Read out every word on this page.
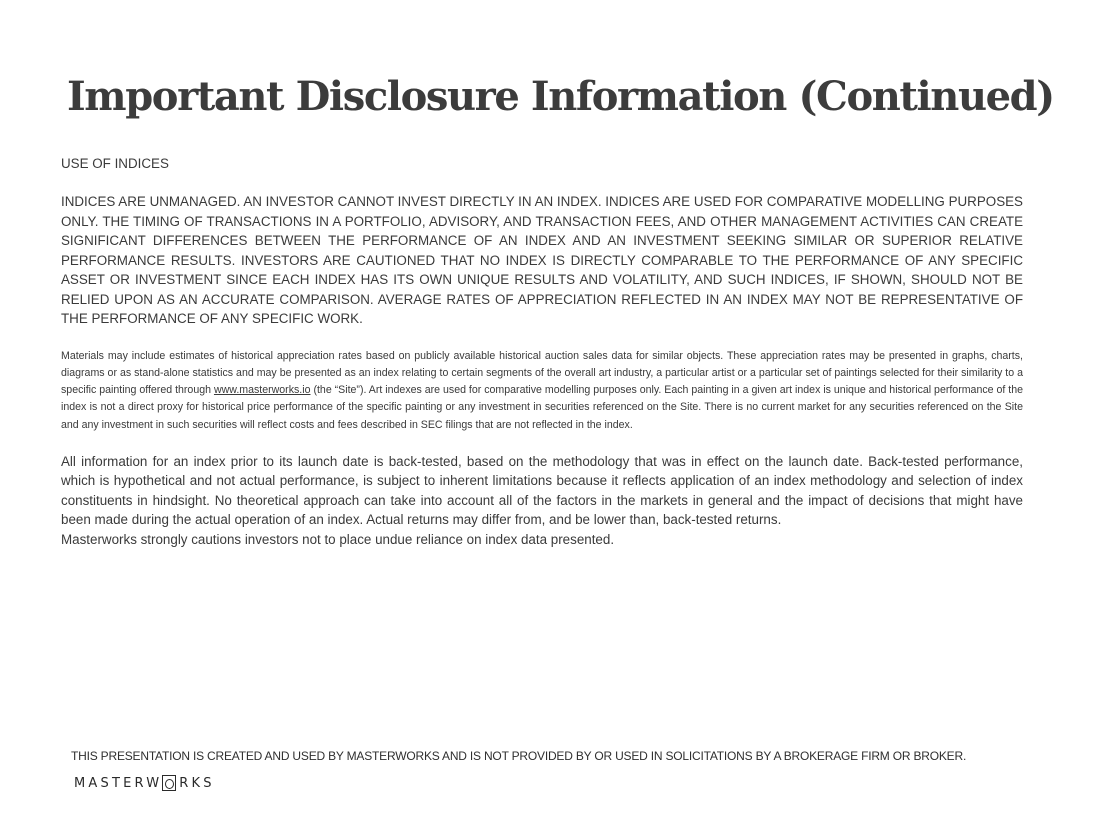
Important Disclosure Information (Continued)

USE OF INDICES

INDICES ARE UNMANAGED. AN INVESTOR CANNOT INVEST DIRECTLY IN AN INDEX. INDICES ARE USED FOR COMPARATIVE MODELLING PURPOSES ONLY. THE TIMING OF TRANSACTIONS IN A PORTFOLIO, ADVISORY, AND TRANSACTION FEES, AND OTHER MANAGEMENT ACTIVITIES CAN CREATE SIGNIFICANT DIFFERENCES BETWEEN THE PERFORMANCE OF AN INDEX AND AN INVESTMENT SEEKING SIMILAR OR SUPERIOR RELATIVE PERFORMANCE RESULTS. INVESTORS ARE CAUTIONED THAT NO INDEX IS DIRECTLY COMPARABLE TO THE PERFORMANCE OF ANY SPECIFIC ASSET OR INVESTMENT SINCE EACH INDEX HAS ITS OWN UNIQUE RESULTS AND VOLATILITY, AND SUCH INDICES, IF SHOWN, SHOULD NOT BE RELIED UPON AS AN ACCURATE COMPARISON. AVERAGE RATES OF APPRECIATION REFLECTED IN AN INDEX MAY NOT BE REPRESENTATIVE OF THE PERFORMANCE OF ANY SPECIFIC WORK.

Materials may include estimates of historical appreciation rates based on publicly available historical auction sales data for similar objects. These appreciation rates may be presented in graphs, charts, diagrams or as stand-alone statistics and may be presented as an index relating to certain segments of the overall art industry, a particular artist or a particular set of paintings selected for their similarity to a specific painting offered through www.masterworks.io (the “Site”). Art indexes are used for comparative modelling purposes only. Each painting in a given art index is unique and historical performance of the index is not a direct proxy for historical price performance of the specific painting or any investment in securities referenced on the Site. There is no current market for any securities referenced on the Site and any investment in such securities will reflect costs and fees described in SEC filings that are not reflected in the index.

All information for an index prior to its launch date is back-tested, based on the methodology that was in effect on the launch date. Back-tested performance, which is hypothetical and not actual performance, is subject to inherent limitations because it reflects application of an index methodology and selection of index constituents in hindsight. No theoretical approach can take into account all of the factors in the markets in general and the impact of decisions that might have been made during the actual operation of an index. Actual returns may differ from, and be lower than, back-tested returns.

Masterworks strongly cautions investors not to place undue reliance on index data presented.

THIS PRESENTATION IS CREATED AND USED BY MASTERWORKS AND IS NOT PROVIDED BY OR USED IN SOLICITATIONS BY A BROKERAGE FIRM OR BROKER.
MASTERW RKS
